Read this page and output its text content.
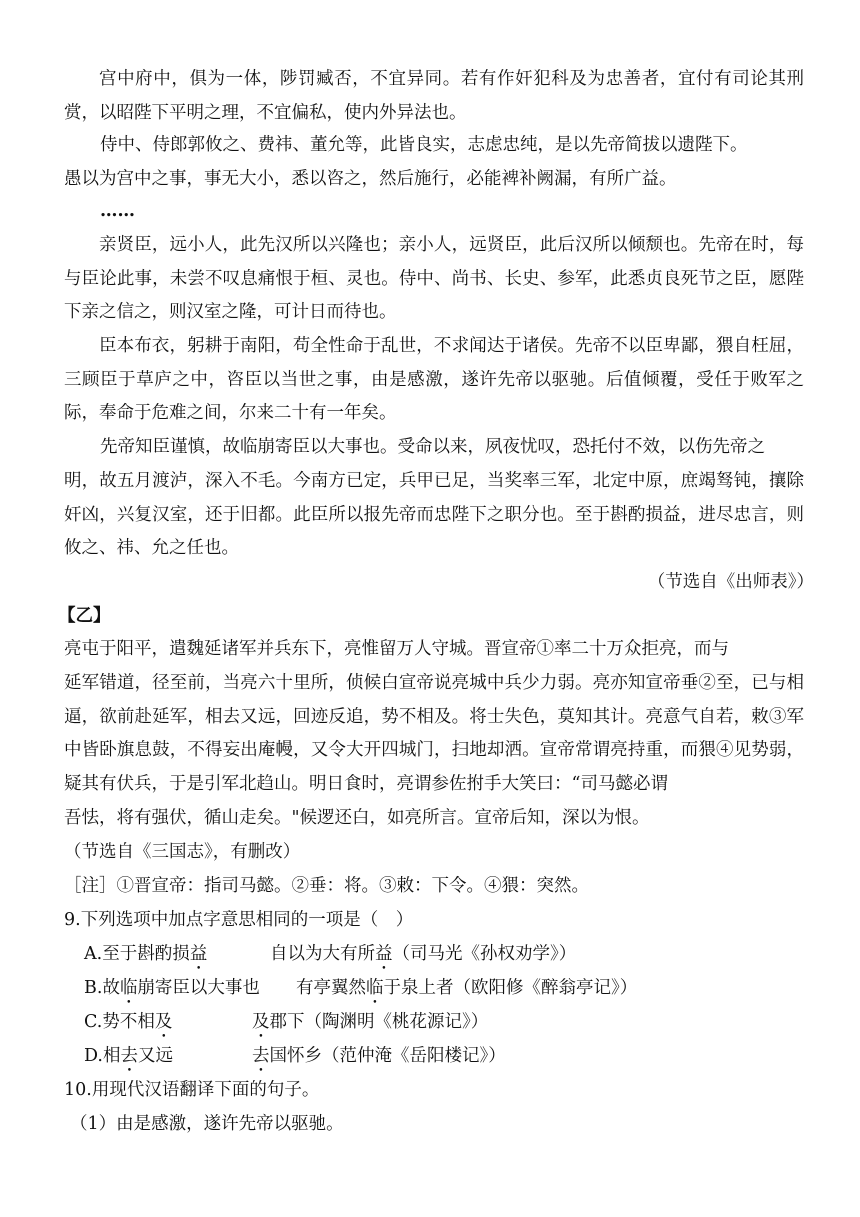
宫中府中，俱为一体，陟罚臧否，不宜异同。若有作奸犯科及为忠善者，宜付有司论其刑赏，以昭陛下平明之理，不宜偏私，使内外异法也。

侍中、侍郎郭攸之、费祎、董允等，此皆良实，志虑忠纯，是以先帝简拔以遗陛下。

愚以为宫中之事，事无大小，悉以咨之，然后施行，必能裨补阙漏，有所广益。

……

亲贤臣，远小人，此先汉所以兴隆也；亲小人，远贤臣，此后汉所以倾颓也。先帝在时，每与臣论此事，未尝不叹息痛恨于桓、灵也。侍中、尚书、长史、参军，此悉贞良死节之臣，愿陛下亲之信之，则汉室之隆，可计日而待也。

臣本布衣，躬耕于南阳，苟全性命于乱世，不求闻达于诸侯。先帝不以臣卑鄙，猥自枉屈，三顾臣于草庐之中，咨臣以当世之事，由是感激，遂许先帝以驱驰。后值倾覆，受任于败军之际，奉命于危难之间，尔来二十有一年矣。

先帝知臣谨慎，故临崩寄臣以大事也。受命以来，夙夜忧叹，恐托付不效，以伤先帝之

明，故五月渡泸，深入不毛。今南方已定，兵甲已足，当奖率三军，北定中原，庶竭驽钝，攘除奸凶，兴复汉室，还于旧都。此臣所以报先帝而忠陛下之职分也。至于斟酌损益，进尽忠言，则攸之、祎、允之任也。

（节选自《出师表》）

【乙】

亮屯于阳平，遣魏延诸军并兵东下，亮惟留万人守城。晋宣帝①率二十万众拒亮，而与

延军错道，径至前，当亮六十里所，侦候白宣帝说亮城中兵少力弱。亮亦知宣帝垂②至，已与相逼，欲前赴延军，相去又远，回迹反追，势不相及。将士失色，莫知其计。亮意气自若，敕③军中皆卧旗息鼓，不得妄出庵幔，又令大开四城门，扫地却洒。宣帝常谓亮持重，而猥④见势弱，疑其有伏兵，于是引军北趋山。明日食时，亮谓参佐拊手大笑曰：“司马懿必谓

吾怯，将有强伏，循山走矣。"候逻还白，如亮所言。宣帝后知，深以为恨。

（节选自《三国志》，有删改）

［注］①晋宣帝：指司马懿。②垂：将。③敕：下令。④猥：突然。

9.下列选项中加点字意思相同的一项是（　）

A.至于斟酌损益	自以为大有所益（司马光《孙权劝学》）
B.故临崩寄臣以大事也 有亭翼然临于泉上者（欧阳修《醉翁亭记》）
C.势不相及	及郡下（陶渊明《桃花源记》）
D.相去又远	去国怀乡（范仲淹《岳阳楼记》）

10.用现代汉语翻译下面的句子。

（1）由是感激，遂许先帝以驱驰。
